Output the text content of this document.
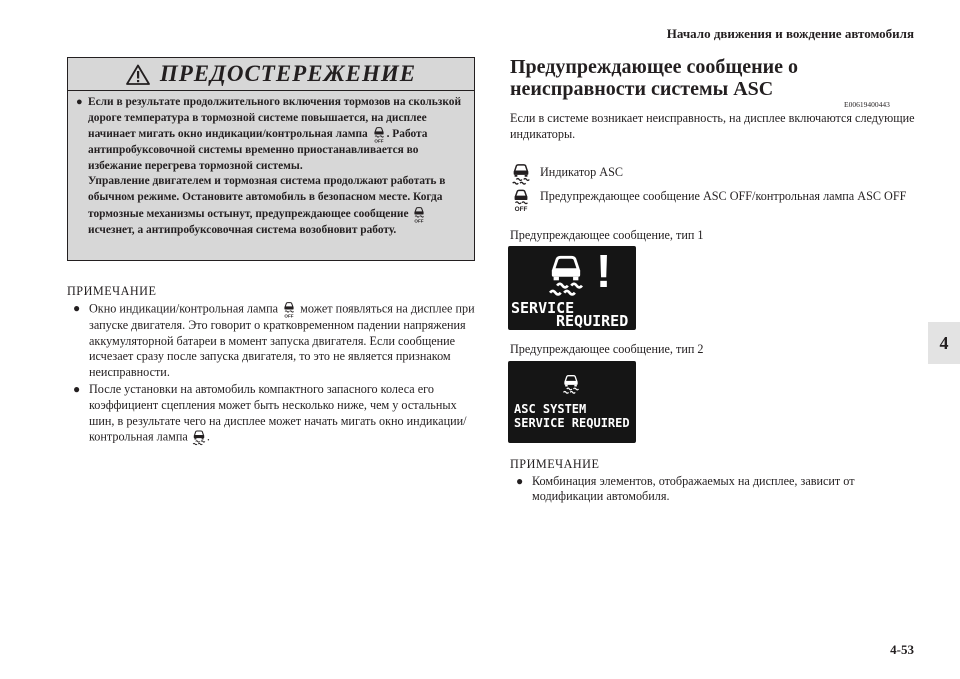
Начало движения и вождение автомобиля
4
4-53
ПРЕДОСТЕРЕЖЕНИЕ
● Если в результате продолжительного включения тормозов на скользкой дороге температура в тормозной системе повышается, на дисплее начинает мигать окно индикации/контрольная лампа . Работа антипробуксовочной системы временно приостанавливается во избежание перегрева тормозной системы.

Управление двигателем и тормозная система продолжают работать в обычном режиме. Остановите автомобиль в безопасном месте. Когда тормозные механизмы остынут, предупреждающее сообщение  исчезнет, а антипробуксовочная система возобновит работу.

ПРИМЕЧАНИЕ
● Окно индикации/контрольная лампа может появляться на дисплее при запуске двигателя. Это говорит о кратковременном падении напряжения аккумуляторной батареи в момент запуска двигателя. Если сообщение исчезает сразу после запуска двигателя, то это не является признаком неисправности.
● После установки на автомобиль компактного запасного колеса его коэффициент сцепления может быть несколько ниже, чем у остальных шин, в результате чего на дисплее может начать мигать окно индикации/контрольная лампа .
Предупреждающее сообщение о неисправности системы ASC
E00619400443
Если в системе возникает неисправность, на дисплее включаются следующие индикаторы.
Индикатор ASC
Предупреждающее сообщение ASC OFF/контрольная лампа ASC OFF
Предупреждающее сообщение, тип 1
!
SERVICE
REQUIRED
Предупреждающее сообщение, тип 2
ASC SYSTEM
SERVICE REQUIRED
ПРИМЕЧАНИЕ
● Комбинация элементов, отображаемых на дисплее, зависит от модификации автомобиля.
